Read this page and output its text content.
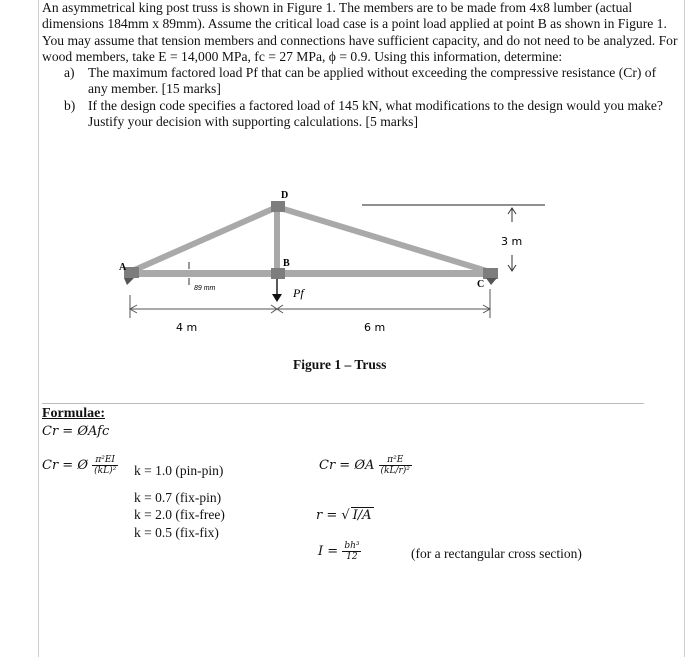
An asymmetrical king post truss is shown in Figure 1. The members are to be made from 4x8 lumber (actual dimensions 184mm x 89mm). Assume the critical load case is a point load applied at point B as shown in Figure 1. You may assume that tension members and connections have sufficient capacity, and do not need to be analyzed. For wood members, take E = 14,000 MPa, fc = 27 MPa, ϕ = 0.9. Using this information, determine:

a) The maximum factored load Pf that can be applied without exceeding the compressive resistance (Cr) of any member. [15 marks]
b) If the design code specifies a factored load of 145 kN, what modifications to the design would you make? Justify your decision with supporting calculations. [5 marks]
A
D
B
C
89 mm	Pf
3 m
4 m	6 m
Figure 1 – Truss
Formulae:
Cr = ØAfc
Cr = Ø $\frac{\text{π²EI}}{\text{(kL)²}}$ k = 1.0 (pin-pin)
k = 0.7 (fix-pin)
k = 2.0 (fix-free)
k = 0.5 (fix-fix)
Cr = ØA $\frac{\text{π²E}}{\text{(kL/r)²}}$
r = √ I/A
$I = \frac{\text{bh³}}{12}$	(for a rectangular cross section)
